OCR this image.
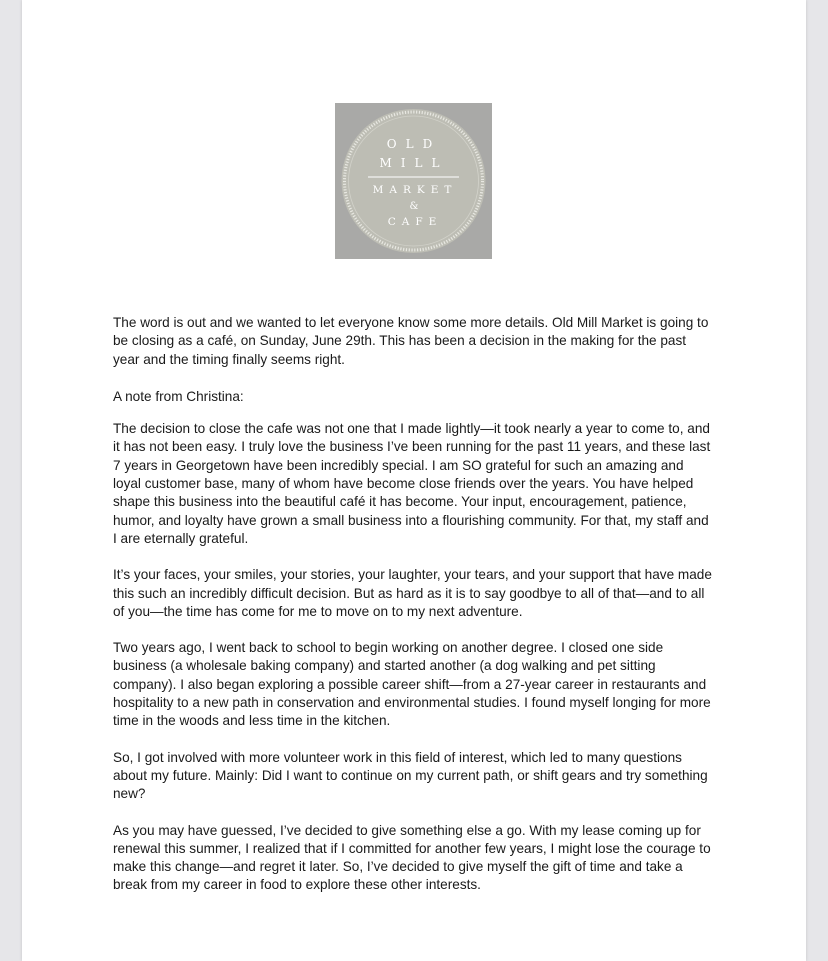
OLD
MILL
MARKET
&
CAFE

The word is out and we wanted to let everyone know some more details. Old Mill Market is going to be closing as a café, on Sunday, June 29th. This has been a decision in the making for the past year and the timing finally seems right.

A note from Christina:

The decision to close the cafe was not one that I made lightly—it took nearly a year to come to, and it has not been easy. I truly love the business I’ve been running for the past 11 years, and these last 7 years in Georgetown have been incredibly special. I am SO grateful for such an amazing and loyal customer base, many of whom have become close friends over the years. You have helped shape this business into the beautiful café it has become. Your input, encouragement, patience, humor, and loyalty have grown a small business into a flourishing community. For that, my staff and I are eternally grateful.

It’s your faces, your smiles, your stories, your laughter, your tears, and your support that have made this such an incredibly difficult decision. But as hard as it is to say goodbye to all of that—and to all of you—the time has come for me to move on to my next adventure.

Two years ago, I went back to school to begin working on another degree. I closed one side business (a wholesale baking company) and started another (a dog walking and pet sitting company). I also began exploring a possible career shift—from a 27-year career in restaurants and hospitality to a new path in conservation and environmental studies. I found myself longing for more time in the woods and less time in the kitchen.

So, I got involved with more volunteer work in this field of interest, which led to many questions about my future. Mainly: Did I want to continue on my current path, or shift gears and try something new?

As you may have guessed, I’ve decided to give something else a go. With my lease coming up for renewal this summer, I realized that if I committed for another few years, I might lose the courage to make this change—and regret it later. So, I’ve decided to give myself the gift of time and take a break from my career in food to explore these other interests.
